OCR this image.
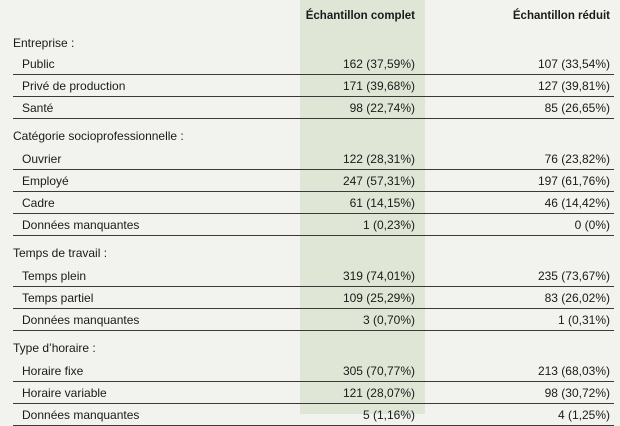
	Échantillon complet	Échantillon réduit
Entreprise :		
Public	162 (37,59%)	107 (33,54%)
Privé de production	171 (39,68%)	127 (39,81%)
Santé	98 (22,74%)	85 (26,65%)
Catégorie socioprofessionnelle :		
Ouvrier	122 (28,31%)	76 (23,82%)
Employé	247 (57,31%)	197 (61,76%)
Cadre	61 (14,15%)	46 (14,42%)
Données manquantes	1 (0,23%)	0 (0%)
Temps de travail :		
Temps plein	319 (74,01%)	235 (73,67%)
Temps partiel	109 (25,29%)	83 (26,02%)
Données manquantes	3 (0,70%)	1 (0,31%)
Type d’horaire :		
Horaire fixe	305 (70,77%)	213 (68,03%)
Horaire variable	121 (28,07%)	98 (30,72%)
Données manquantes	5 (1,16%)	4 (1,25%)
